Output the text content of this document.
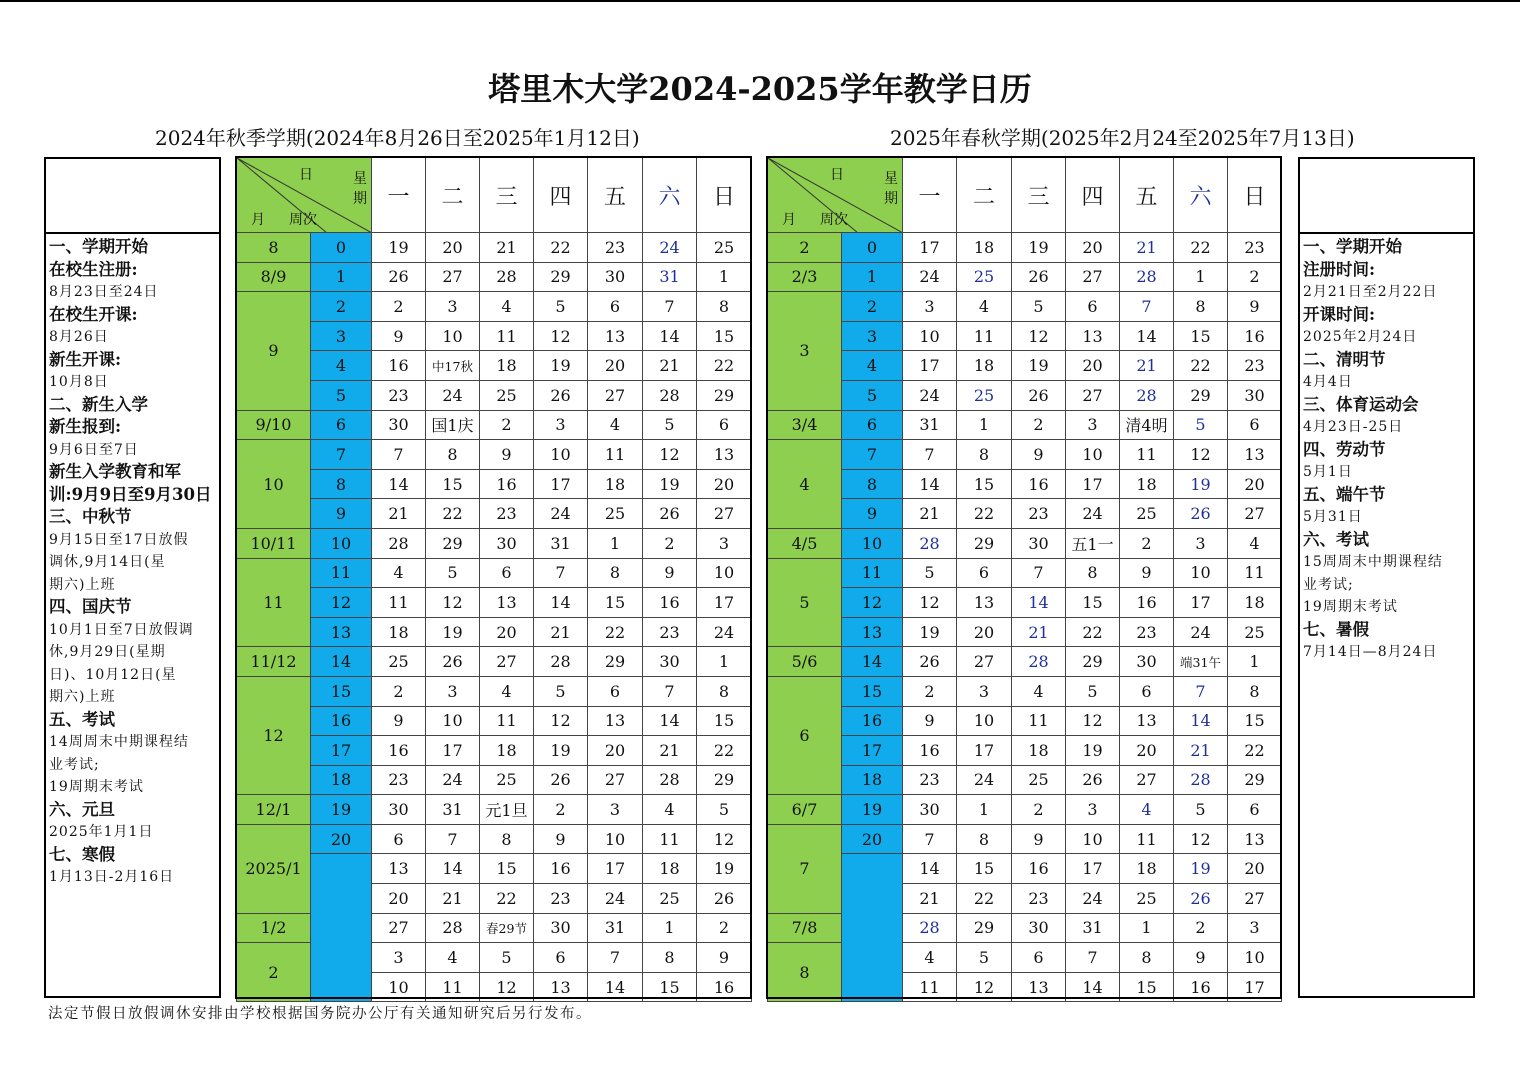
塔里木大学2024-2025学年教学日历
2024年秋季学期(2024年8月26日至2025年1月12日)	2025年春秋学期(2025年2月24至2025年7月13日)
一、学期开始
在校生注册:
8月23日至24日
在校生开课:
8月26日
新生开课:
10月8日
二、新生入学
新生报到:
9月6日至7日
新生入学教育和军
训:9月9日至9月30日
三、中秋节
9月15日至17日放假
调休,9月14日(星
期六)上班
四、国庆节
10月1日至7日放假调
休,9月29日(星期
日)、10月12日(星
期六)上班
五、考试
14周周末中期课程结
业考试;
19周期末考试
六、元旦
2025年1月1日
七、寒假
1月13日-2月16日
日 星
期
月 周次		一	二	三	四	五	六	日
8	0	19	20	21	22	23	24	25
8/9	1	26	27	28	29	30	31	1
9	2	2	3	4	5	6	7	8
	3	9	10	11	12	13	14	15
	4	16	中17秋	18	19	20	21	22
	5	23	24	25	26	27	28	29
9/10	6	30	国1庆	2	3	4	5	6
10	7	7	8	9	10	11	12	13
	8	14	15	16	17	18	19	20
	9	21	22	23	24	25	26	27
10/11	10	28	29	30	31	1	2	3
11	11	4	5	6	7	8	9	10
	12	11	12	13	14	15	16	17
	13	18	19	20	21	22	23	24
11/12	14	25	26	27	28	29	30	1
12	15	2	3	4	5	6	7	8
	16	9	10	11	12	13	14	15
	17	16	17	18	19	20	21	22
	18	23	24	25	26	27	28	29
12/1	19	30	31	元1旦	2	3	4	5
2025/1	20	6	7	8	9	10	11	12
		13	14	15	16	17	18	19
		20	21	22	23	24	25	26
1/2		27	28	春29节	30	31	1	2
2		3	4	5	6	7	8	9
		10	11	12	13	14	15	16
日 星
期
月 周次		一	二	三	四	五	六	日
2	0	17	18	19	20	21	22	23
2/3	1	24	25	26	27	28	1	2
3	2	3	4	5	6	7	8	9
	3	10	11	12	13	14	15	16
	4	17	18	19	20	21	22	23
	5	24	25	26	27	28	29	30
3/4	6	31	1	2	3	清4明	5	6
4	7	7	8	9	10	11	12	13
	8	14	15	16	17	18	19	20
	9	21	22	23	24	25	26	27
4/5	10	28	29	30	五1一	2	3	4
5	11	5	6	7	8	9	10	11
	12	12	13	14	15	16	17	18
	13	19	20	21	22	23	24	25
5/6	14	26	27	28	29	30	端31午	1
6	15	2	3	4	5	6	7	8
	16	9	10	11	12	13	14	15
	17	16	17	18	19	20	21	22
	18	23	24	25	26	27	28	29
6/7	19	30	1	2	3	4	5	6
7	20	7	8	9	10	11	12	13
		14	15	16	17	18	19	20
		21	22	23	24	25	26	27
7/8		28	29	30	31	1	2	3
8		4	5	6	7	8	9	10
		11	12	13	14	15	16	17
一、学期开始
注册时间:
2月21日至2月22日
开课时间:
2025年2月24日
二、清明节
4月4日
三、体育运动会
4月23日-25日
四、劳动节
5月1日
五、端午节
5月31日
六、考试
15周周末中期课程结
业考试;
19周期末考试
七、暑假
7月14日—8月24日
法定节假日放假调休安排由学校根据国务院办公厅有关通知研究后另行发布。
